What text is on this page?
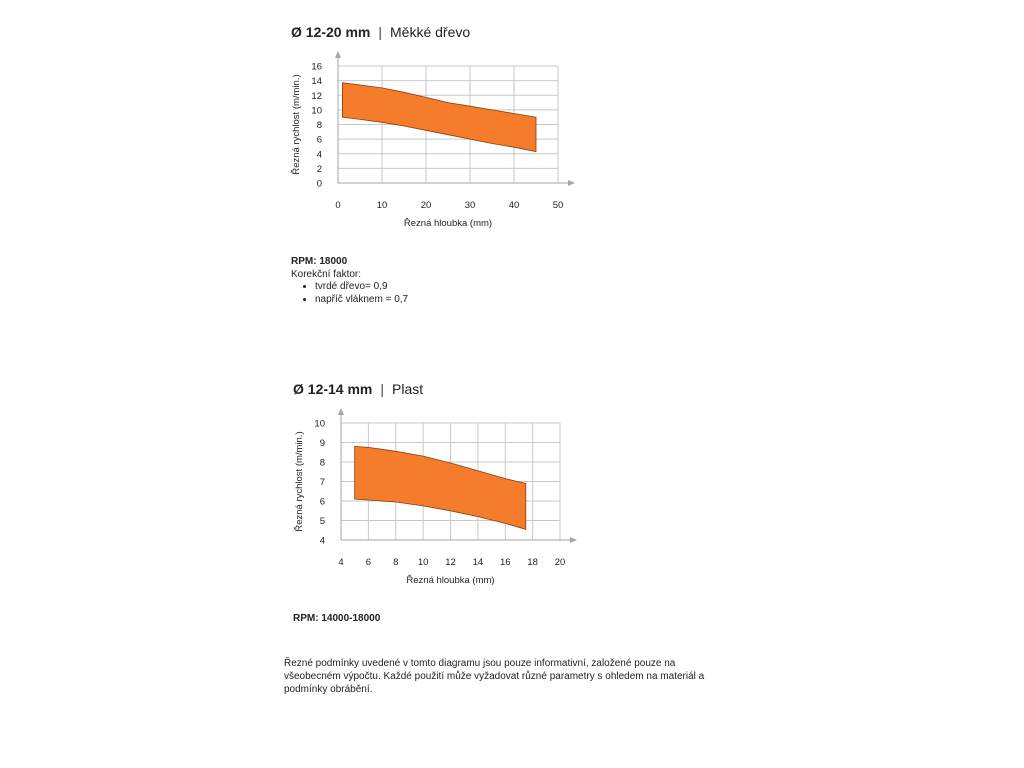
Ø 12-20 mm | Měkké dřevo
0
2
4
6
8
10
12
14
16
0	10	20	30	40	50
Řezná hloubka (mm)
Řezná rychlost (m/min.)
RPM: 18000
Korekční faktor:
• tvrdé dřevo= 0,9
• napříč vláknem = 0,7
Ø 12-14 mm | Plast
4
5
6
7
8
9
10
4 6 8 10 12 14 16 18 20
Řezná hloubka (mm)
Řezná rychlost (m/min.)
RPM: 14000-18000
Řezné podmínky uvedené v tomto diagramu jsou pouze informativní, založené pouze na všeobecném výpočtu. Každé použití může vyžadovat různé parametry s ohledem na materiál a podmínky obrábění.
